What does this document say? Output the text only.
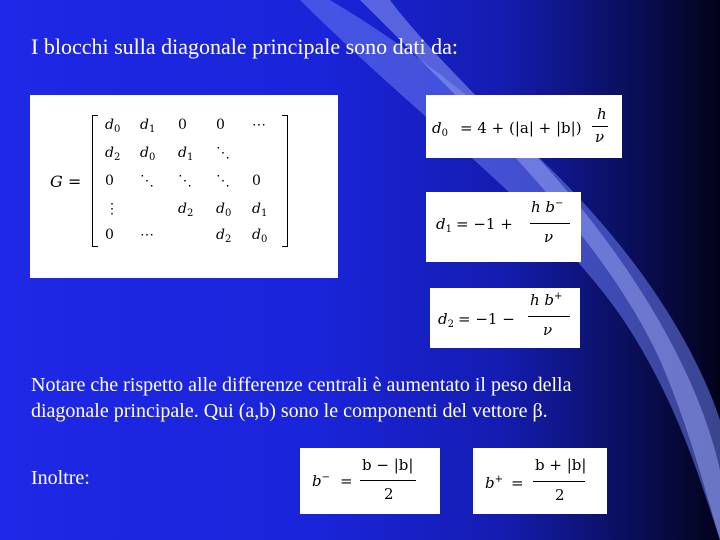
I blocchi sulla diagonale principale sono dati da:
G =
$d_0$ $d_1$ 0 0 ⋯
$d_2$ $d_0$ $d_1$ ⋱
0 ⋱ ⋱ ⋱ 0
⋮	$d_2$ $d_0$ $d_1$
0 ⋯	$d_2$ $d_0$
$d_0 = 4 + (|a| + |b|)$
h
ν
$d_1 = -1$ +
h b−
ν
$d_2 = -1$ −
h b+
ν
Notare che rispetto alle differenze centrali è aumentato il peso della
diagonale principale. Qui (a,b) sono le componenti del vettore β.
Inoltre:	b− =
b − |b|
2
b+ =
b + |b|
2
